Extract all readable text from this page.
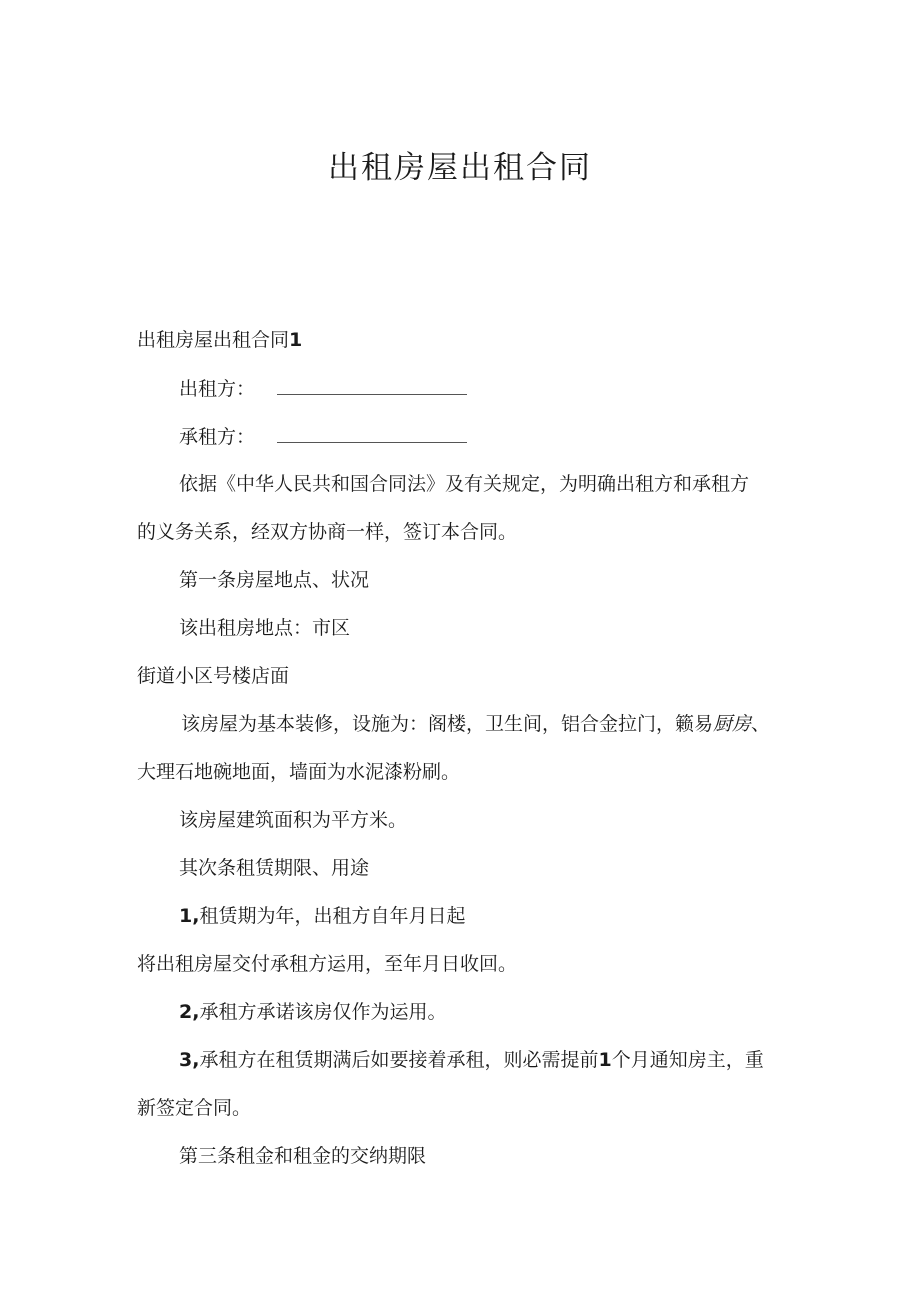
出租房屋出租合同
出租房屋出租合同1
出租方：
承租方：
依据《中华人民共和国合同法》及有关规定，为明确出租方和承租方
的义务关系，经双方协商一样，签订本合同。
第一条房屋地点、状况
该出租房地点：市区
街道小区号楼店面
该房屋为基本装修，设施为：阁楼，卫生间，铝合金拉门，籁易厨房、
大理石地碗地面，墙面为水泥漆粉刷。
该房屋建筑面积为平方米。
其次条租赁期限、用途
1,租赁期为年，出租方自年月日起
将出租房屋交付承租方运用，至年月日收回。
2,承租方承诺该房仅作为运用。
3,承租方在租赁期满后如要接着承租，则必需提前1个月通知房主，重
新签定合同。
第三条租金和租金的交纳期限
